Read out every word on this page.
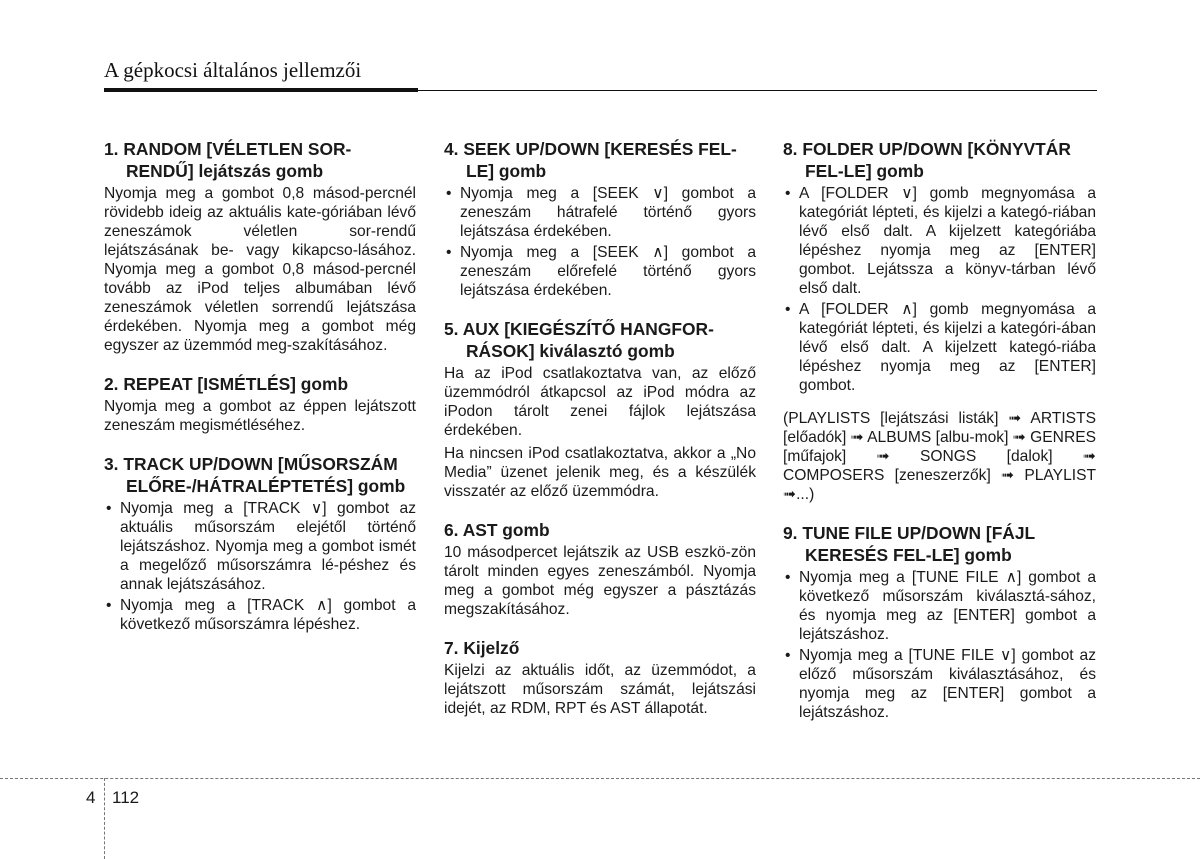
A gépkocsi általános jellemzői
1. RANDOM [VÉLETLEN SOR-RENDŰ] lejátszás gomb
Nyomja meg a gombot 0,8 másod-percnél rövidebb ideig az aktuális kate-góriában lévő zeneszámok véletlen sor-rendű lejátszásának be- vagy kikapcso-lásához. Nyomja meg a gombot 0,8 másod-percnél tovább az iPod teljes albumában lévő zeneszámok véletlen sorrendű lejátszása érdekében. Nyomja meg a gombot még egyszer az üzemmód meg-szakításához.
2. REPEAT [ISMÉTLÉS] gomb
Nyomja meg a gombot az éppen lejátszott zeneszám megismétléséhez.
3. TRACK UP/DOWN [MŰSORSZÁM ELŐRE-/HÁTRALÉPTETÉS] gomb
• Nyomja meg a [TRACK ∨] gombot az aktuális műsorszám elejétől történő lejátszáshoz. Nyomja meg a gombot ismét a megelőző műsorszámra lé-péshez és annak lejátszásához.
• Nyomja meg a [TRACK ∧] gombot a következő műsorszámra lépéshez.
4. SEEK UP/DOWN [KERESÉS FEL-LE] gomb
• Nyomja meg a [SEEK ∨] gombot a zeneszám hátrafelé történő gyors lejátszása érdekében.
• Nyomja meg a [SEEK ∧] gombot a zeneszám előrefelé történő gyors lejátszása érdekében.
5. AUX [KIEGÉSZÍTŐ HANGFOR-RÁSOK] kiválasztó gomb
Ha az iPod csatlakoztatva van, az előző üzemmódról átkapcsol az iPod módra az iPodon tárolt zenei fájlok lejátszása érdekében.
Ha nincsen iPod csatlakoztatva, akkor a „No Media” üzenet jelenik meg, és a készülék visszatér az előző üzemmódra.
6. AST gomb
10 másodpercet lejátszik az USB eszkö-zön tárolt minden egyes zeneszámból. Nyomja meg a gombot még egyszer a pásztázás megszakításához.
7. Kijelző
Kijelzi az aktuális időt, az üzemmódot, a lejátszott műsorszám számát, lejátszási idejét, az RDM, RPT és AST állapotát.
8. FOLDER UP/DOWN [KÖNYVTÁR FEL-LE] gomb
• A [FOLDER ∨] gomb megnyomása a kategóriát lépteti, és kijelzi a kategó-riában lévő első dalt. A kijelzett kategóriába lépéshez nyomja meg az [ENTER] gombot. Lejátssza a könyv-tárban lévő első dalt.
• A [FOLDER ∧] gomb megnyomása a kategóriát lépteti, és kijelzi a kategóri-ában lévő első dalt. A kijelzett kategó-riába lépéshez nyomja meg az [ENTER] gombot.
(PLAYLISTS [lejátszási listák] ➟ ARTISTS [előadók] ➟ ALBUMS [albu-mok] ➟ GENRES [műfajok] ➟ SONGS [dalok] ➟ COMPOSERS [zeneszerzők] ➟ PLAYLIST ➟...)
9. TUNE FILE UP/DOWN [FÁJL KERESÉS FEL-LE] gomb
• Nyomja meg a [TUNE FILE ∧] gombot a következő műsorszám kiválasztá-sához, és nyomja meg az [ENTER] gombot a lejátszáshoz.
• Nyomja meg a [TUNE FILE ∨] gombot az előző műsorszám kiválasztásához, és nyomja meg az [ENTER] gombot a lejátszáshoz.
4 112
